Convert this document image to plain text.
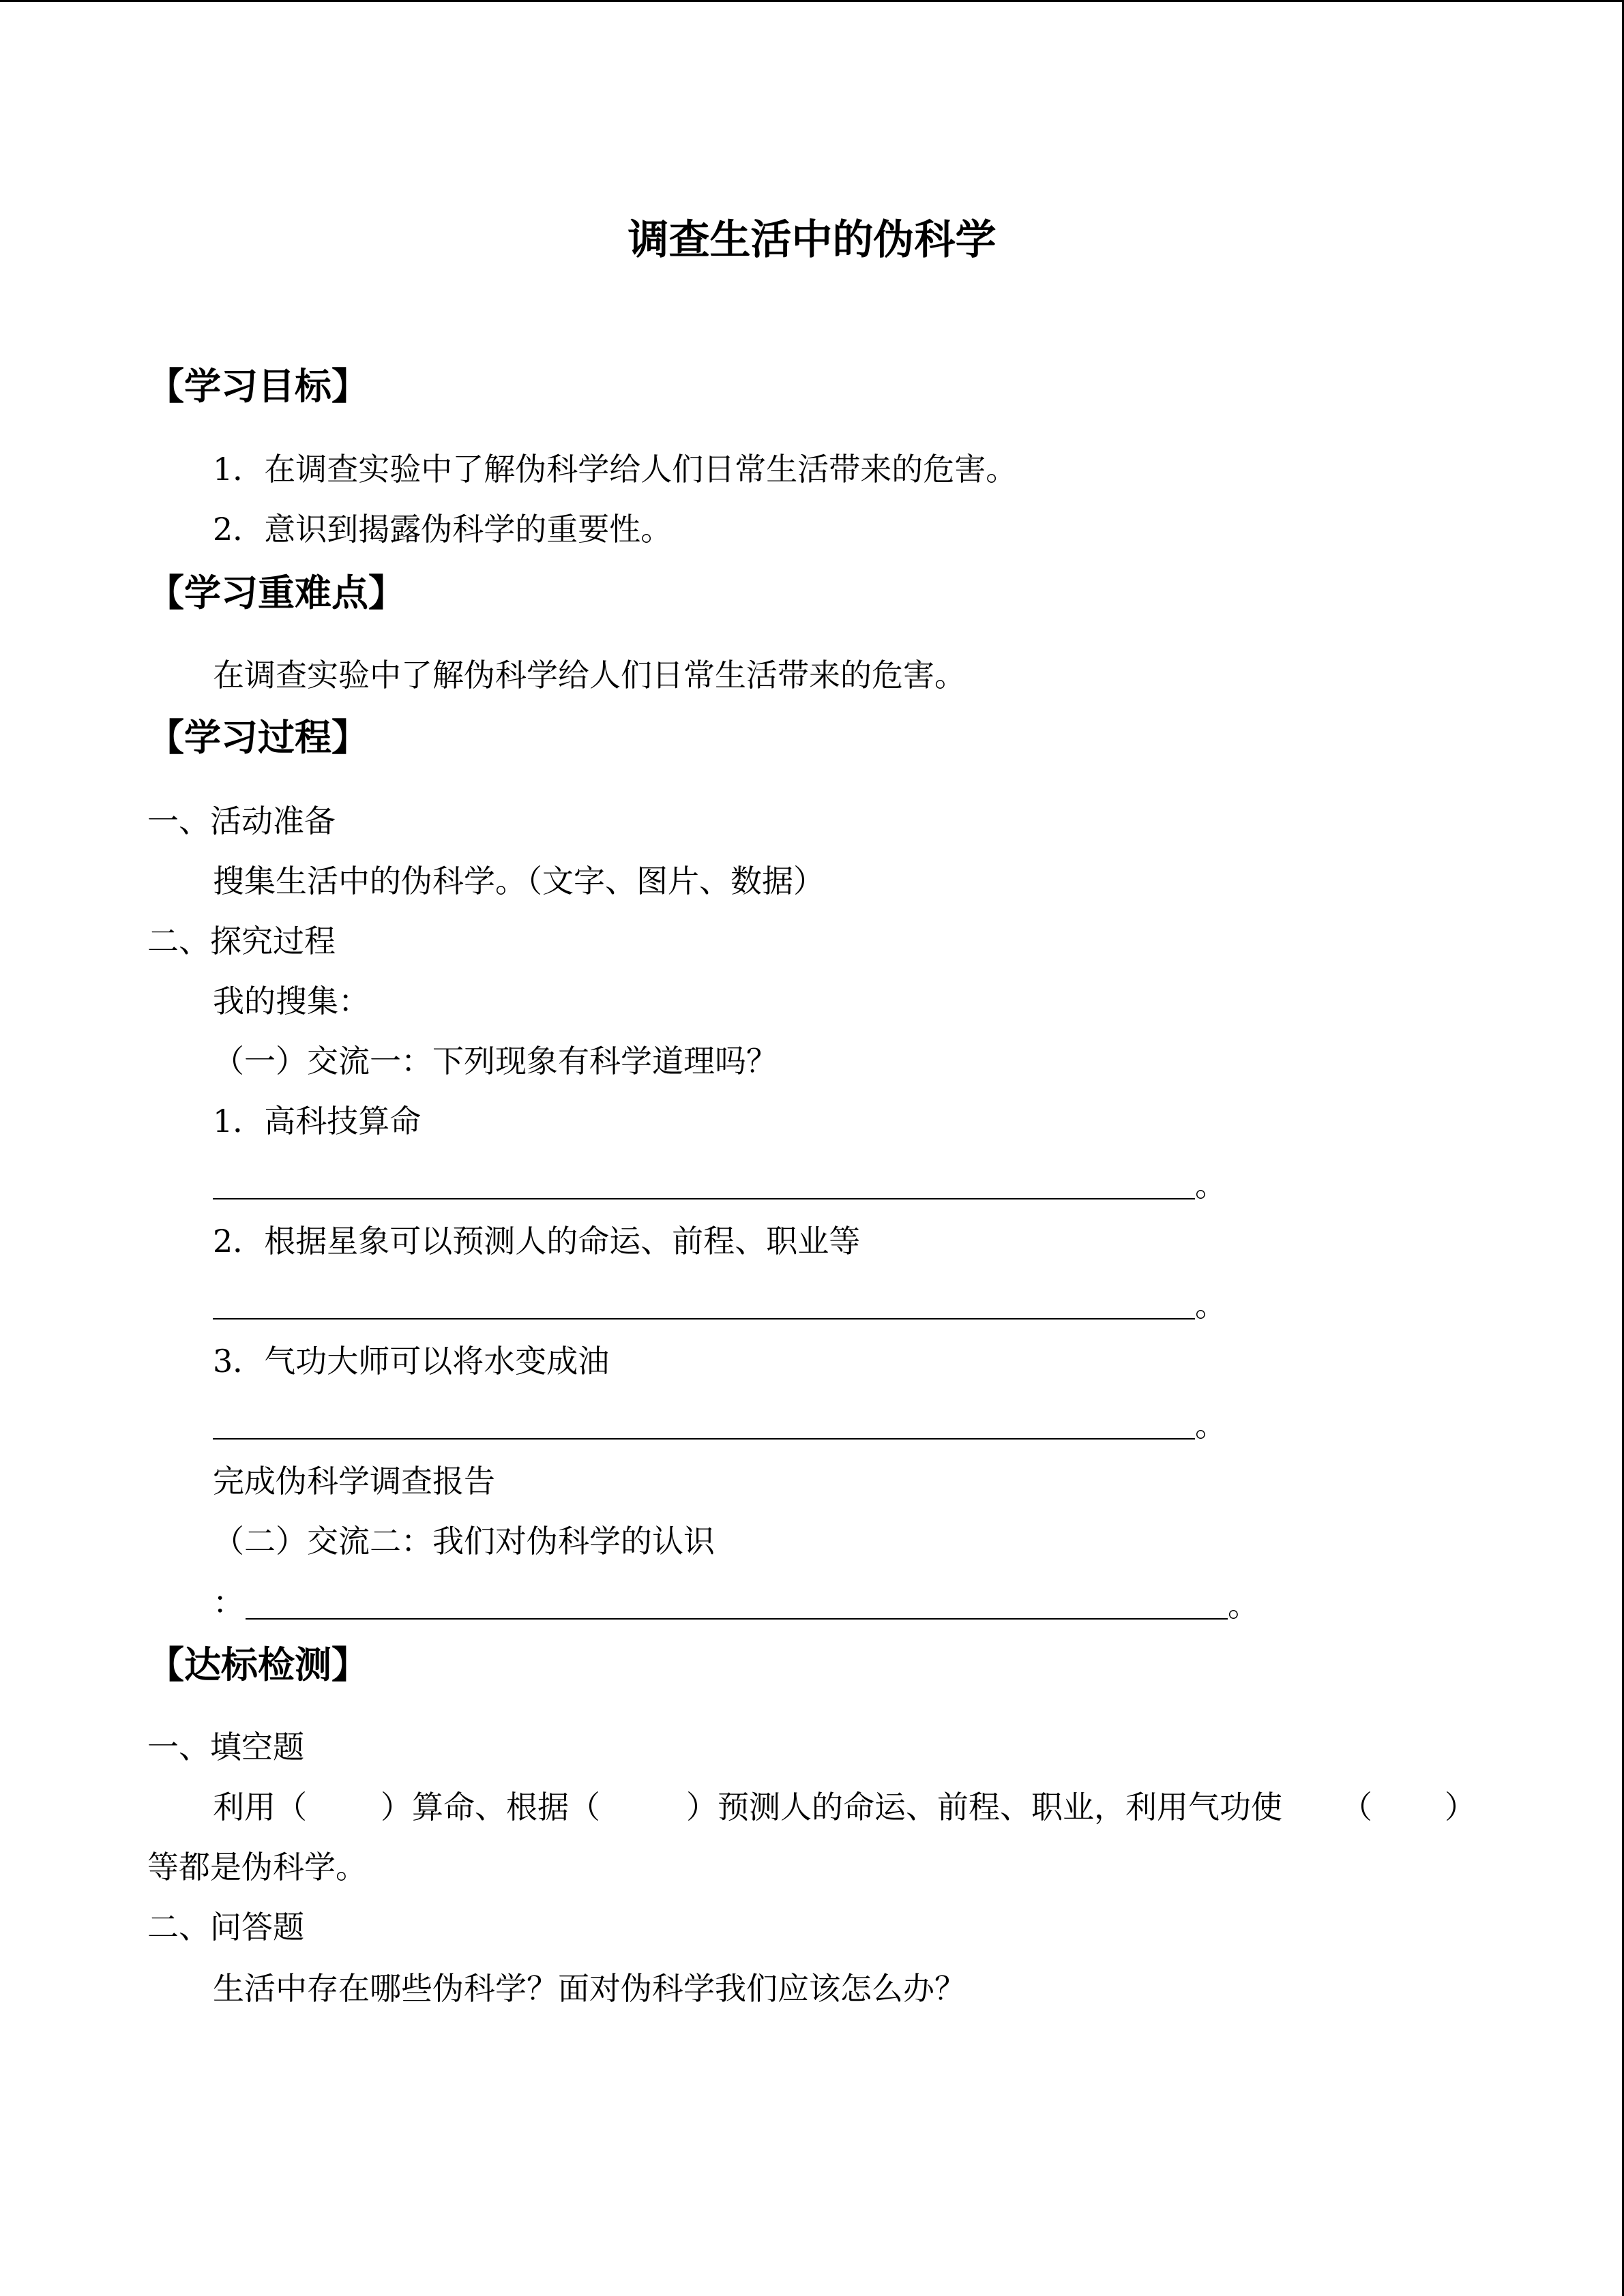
调查生活中的伪科学
【学习目标】
1．在调查实验中了解伪科学给人们日常生活带来的危害。
2．意识到揭露伪科学的重要性。
【学习重难点】
在调查实验中了解伪科学给人们日常生活带来的危害。
【学习过程】
一、活动准备
搜集生活中的伪科学。（文字、图片、数据）
二、探究过程
我的搜集：
（一）交流一：下列现象有科学道理吗？
1．高科技算命
。
2．根据星象可以预测人的命运、前程、职业等
。
3．气功大师可以将水变成油
。
完成伪科学调查报告
（二）交流二：我们对伪科学的认识
：	。
【达标检测】
一、填空题
利用（ ）算命、根据（	）预测人的命运、前程、职业，利用气功使 （ ）
等都是伪科学。
二、问答题
生活中存在哪些伪科学？面对伪科学我们应该怎么办？
